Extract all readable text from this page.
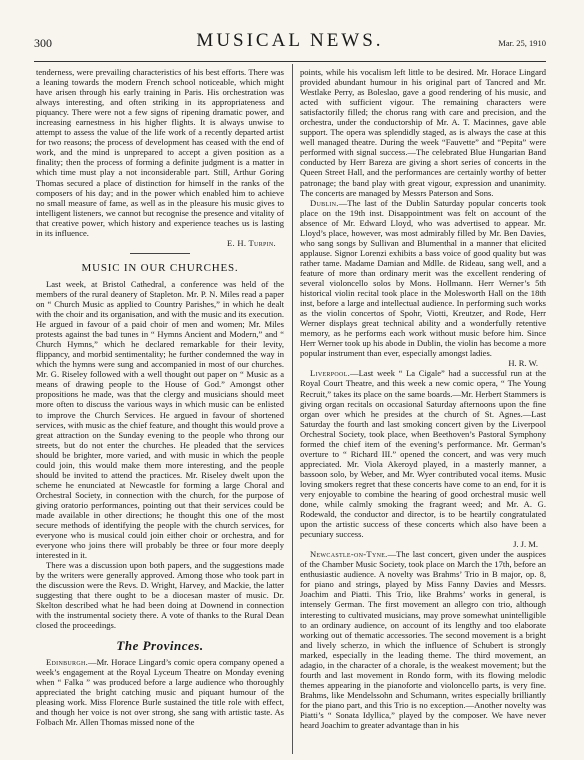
300	MUSICAL NEWS.	Mar. 25, 1910

tenderness, were prevailing characteristics of his best efforts. There was a leaning towards the modern French school noticeable, which might have arisen through his early training in Paris. His orchestration was always interesting, and often striking in its appropriateness and piquancy. There were not a few signs of ripening dramatic power, and increasing earnestness in his higher flights. It is always unwise to attempt to assess the value of the life work of a recently departed artist for two reasons; the process of development has ceased with the end of work, and the mind is unprepared to accept a given position as a finality; then the process of forming a definite judgment is a matter in which time must play a not inconsiderable part. Still, Arthur Goring Thomas secured a place of distinction for himself in the ranks of the composers of his day; and in the power which enabled him to achieve no small measure of fame, as well as in the pleasure his music gives to intelligent listeners, we cannot but recognise the presence and vitality of that creative power, which history and experience teaches us is lasting in its influence.

E. H. Turpin.

MUSIC IN OUR CHURCHES.

Last week, at Bristol Cathedral, a conference was held of the members of the rural deanery of Stapleton. Mr. P. N. Miles read a paper on “ Church Music as applied to Country Parishes,” in which he dealt with the choir and its organisation, and with the music and its execution. He argued in favour of a paid choir of men and women; Mr. Miles protests against the bad tunes in “ Hymns Ancient and Modern,” and “ Church Hymns,” which he declared remarkable for their levity, flippancy, and morbid sentimentality; he further condemned the way in which the hymns were sung and accompanied in most of our churches. Mr. G. Riseley followed with a well thought out paper on “ Music as a means of drawing people to the House of God.” Amongst other propositions he made, was that the clergy and musicians should meet more often to discuss the various ways in which music can be enlisted to improve the Church Services. He argued in favour of shortened services, with music as the chief feature, and thought this would prove a great attraction on the Sunday evening to the people who throng our streets, but do not enter the churches. He pleaded that the services should be brighter, more varied, and with music in which the people could join, this would make them more interesting, and the people should be invited to attend the practices. Mr. Riseley dwelt upon the scheme he enunciated at Newcastle for forming a large Choral and Orchestral Society, in connection with the church, for the purpose of giving oratorio performances, pointing out that their services could be made available in other directions; he thought this one of the most secure methods of identifying the people with the church services, for everyone who is musical could join either choir or orchestra, and for everyone who joins there will probably be three or four more deeply interested in it.

There was a discussion upon both papers, and the suggestions made by the writers were generally approved. Among those who took part in the discussion were the Revs. D. Wright, Harvey, and Mackie, the latter suggesting that there ought to be a diocesan master of music. Dr. Skelton described what he had been doing at Downend in connection with the instrumental society there. A vote of thanks to the Rural Dean closed the proceedings.

The Provinces.

Edinburgh.—Mr. Horace Lingard’s comic opera company opened a week’s engagement at the Royal Lyceum Theatre on Monday evening when “ Falka ” was produced before a large audience who thoroughly appreciated the bright catching music and piquant humour of the pleasing work. Miss Florence Burle sustained the title role with effect, and though her voice is not over strong, she sang with artistic taste. As Folbach Mr. Allen Thomas missed none of the

points, while his vocalism left little to be desired. Mr. Horace Lingard provided abundant humour in his original part of Tancred and Mr. Westlake Perry, as Boleslao, gave a good rendering of his music, and acted with sufficient vigour. The remaining characters were satisfactorily filled; the chorus rang with care and precision, and the orchestra, under the conductorship of Mr. A. T. Macinnes, gave able support. The opera was splendidly staged, as is always the case at this well managed theatre. During the week “Fauvette” and “Pepita” were performed with signal success.—The celebrated Blue Hungarian Band conducted by Herr Bareza are giving a short series of concerts in the Queen Street Hall, and the performances are certainly worthy of better patronage; the band play with great vigour, expression and unanimity. The concerts are managed by Messrs Paterson and Sons.

Dublin.—The last of the Dublin Saturday popular concerts took place on the 19th inst. Disappointment was felt on account of the absence of Mr. Edward Lloyd, who was advertised to appear. Mr. Lloyd’s place, however, was most admirably filled by Mr. Ben Davies, who sang songs by Sullivan and Blumenthal in a manner that elicited applause. Signor Lorenzi exhibits a bass voice of good quality but was rather tame. Madame Damian and Mdlle. de Rideau, sang well, and a feature of more than ordinary merit was the excellent rendering of several violoncello solos by Mons. Hollmann. Herr Werner’s 5th historical violin recital took place in the Molesworth Hall on the 18th inst, before a large and intellectual audience. In performing such works as the violin concertos of Spohr, Viotti, Kreutzer, and Rode, Herr Werner displays great technical ability and a wonderfully retentive memory, as he performs each work without music before him. Since Herr Werner took up his abode in Dublin, the violin has become a more popular instrument than ever, especially amongst ladies.

H. R. W.

Liverpool.—Last week “ La Cigale” had a successful run at the Royal Court Theatre, and this week a new comic opera, “ The Young Recruit,” takes its place on the same boards.—Mr. Herbert Stammers is giving organ recitals on occasional Saturday afternoons upon the fine organ over which he presides at the church of St. Agnes.—Last Saturday the fourth and last smoking concert given by the Liverpool Orchestral Society, took place, when Beethoven’s Pastoral Symphony formed the chief item of the evening’s performance. Mr. German’s overture to “ Richard III.” opened the concert, and was very much appreciated. Mr. Viola Akeroyd played, in a masterly manner, a bassoon solo, by Weber, and Mr. Wyer contributed vocal items. Music loving smokers regret that these concerts have come to an end, for it is very enjoyable to combine the hearing of good orchestral music well done, while calmly smoking the fragrant weed; and Mr. A. G. Rodewald, the conductor and director, is to be heartily congratulated upon the artistic success of these concerts which also have been a pecuniary success.

J. J. M.

Newcastle-on-Tyne.—The last concert, given under the auspices of the Chamber Music Society, took place on March the 17th, before an enthusiastic audience. A novelty was Brahms’ Trio in B major, op. 8, for piano and strings, played by Miss Fanny Davies and Messrs. Joachim and Piatti. This Trio, like Brahms’ works in general, is intensely German. The first movement an allegro con trio, although interesting to cultivated musicians, may prove somewhat unintelligible to an ordinary audience, on account of its lengthy and too elaborate working out of thematic accessories. The second movement is a bright and lively scherzo, in which the influence of Schubert is strongly marked, especially in the leading theme. The third movement, an adagio, in the character of a chorale, is the weakest movement; but the fourth and last movement in Rondo form, with its flowing melodic themes appearing in the pianoforte and violoncello parts, is very fine. Brahms, like Mendelssohn and Schumann, writes especially brilliantly for the piano part, and this Trio is no exception.—Another novelty was Piatti’s “ Sonata Idyllica,” played by the composer. We have never heard Joachim to greater advantage than in his
